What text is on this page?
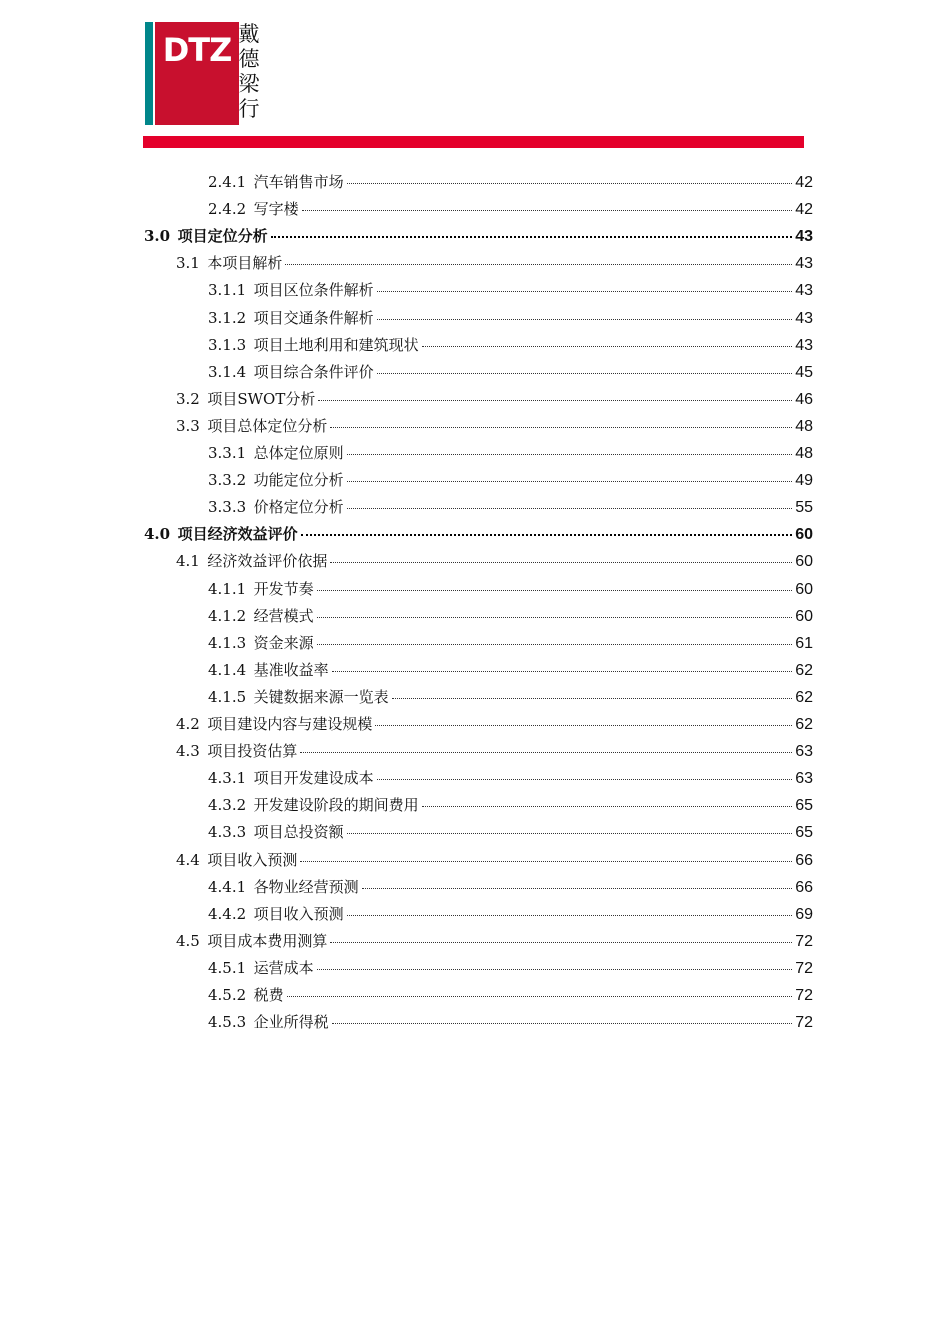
DTZ 戴
德
梁
行
2.4.1 汽车销售市场	42
2.4.2 写字楼	42
3.0 项目定位分析	43
3.1 本项目解析	43
3.1.1 项目区位条件解析	43
3.1.2 项目交通条件解析	43
3.1.3 项目土地利用和建筑现状	43
3.1.4 项目综合条件评价	45
3.2 项目SWOT分析	46
3.3 项目总体定位分析	48
3.3.1 总体定位原则	48
3.3.2 功能定位分析	49
3.3.3 价格定位分析	55
4.0 项目经济效益评价	60
4.1 经济效益评价依据	60
4.1.1 开发节奏	60
4.1.2 经营模式	60
4.1.3 资金来源	61
4.1.4 基准收益率	62
4.1.5 关键数据来源一览表	62
4.2 项目建设内容与建设规模	62
4.3 项目投资估算	63
4.3.1 项目开发建设成本	63
4.3.2 开发建设阶段的期间费用	65
4.3.3 项目总投资额	65
4.4 项目收入预测	66
4.4.1 各物业经营预测	66
4.4.2 项目收入预测	69
4.5 项目成本费用测算	72
4.5.1 运营成本	72
4.5.2 税费	72
4.5.3 企业所得税	72
